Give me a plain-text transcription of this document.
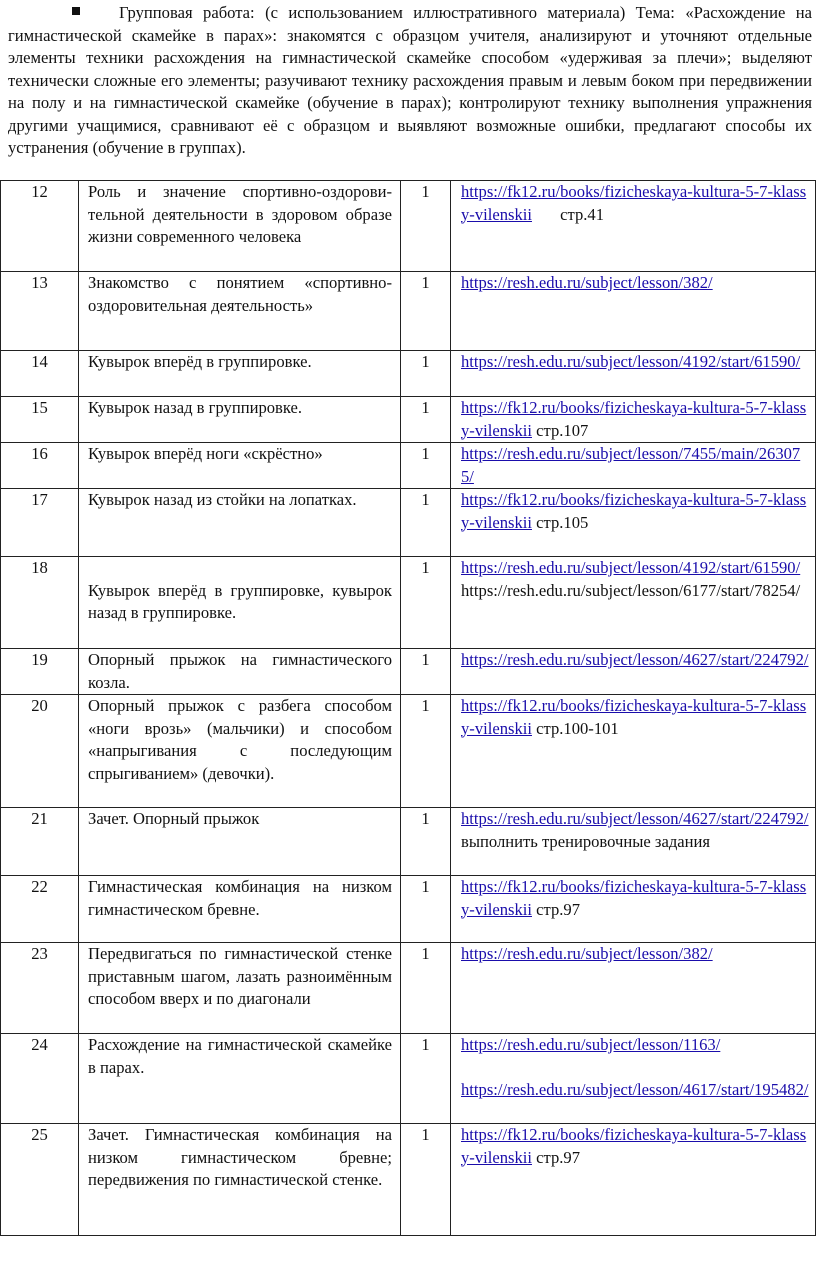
Групповая работа: (с использованием иллюстративного материала) Тема: «Расхождение на гимнастической скамейке в парах»: знакомятся с образцом учителя, анализируют и уточняют отдельные элементы техники расхождения на гимнастической скамейке способом «удерживая за плечи»; выделяют технически сложные его элементы; разучивают технику расхождения правым и левым боком при передвижении на полу и на гимнастической скамейке (обучение в парах); контролируют технику выполнения упражнения другими учащимися, сравнивают её с образцом и выявляют возможные ошибки, предлагают способы их устранения (обучение в группах).
12	Роль и значение спортивно-оздорови- тельной деятельности в здоровом образе жизни современного человека	1	https://fk12.ru/books/fizicheskaya-kultura-5-7-klassy-vilenskii стр.41
13	Знакомство с понятием «спортивно-оздоровительная деятельность»	1	https://resh.edu.ru/subject/lesson/382/
14	Кувырок вперёд в группировке.	1	https://resh.edu.ru/subject/lesson/4192/start/61590/
15	Кувырок назад в группировке.	1	https://fk12.ru/books/fizicheskaya-kultura-5-7-klassy-vilenskii стр.107
16	Кувырок вперёд ноги «скрёстно»	1	https://resh.edu.ru/subject/lesson/7455/main/263075/
17	Кувырок назад из стойки на лопатках.	1	https://fk12.ru/books/fizicheskaya-kultura-5-7-klassy-vilenskii стр.105
18	Кувырок вперёд в группировке, кувырок назад в группировке.	1	https://resh.edu.ru/subject/lesson/4192/start/61590/
https://resh.edu.ru/subject/lesson/6177/start/78254/

19	Опорный прыжок на гимнастического козла.	1	https://resh.edu.ru/subject/lesson/4627/start/224792/
20	Опорный прыжок с разбега способом «ноги врозь» (мальчики) и способом «напрыгивания с последующим спрыгиванием» (девочки).	1	https://fk12.ru/books/fizicheskaya-kultura-5-7-klassy-vilenskii стр.100-101
21	Зачет. Опорный прыжок	1	https://resh.edu.ru/subject/lesson/4627/start/224792/ выполнить тренировочные задания
22	Гимнастическая комбинация на низком гимнастическом бревне.	1	https://fk12.ru/books/fizicheskaya-kultura-5-7-klassy-vilenskii стр.97
23	Передвигаться по гимнастической стенке приставным шагом, лазать разноимённым способом вверх и по диагонали	1	https://resh.edu.ru/subject/lesson/382/
24	Расхождение на гимнастической скамейке в парах.	1	https://resh.edu.ru/subject/lesson/1163/
https://resh.edu.ru/subject/lesson/4617/start/195482/
25	Зачет. Гимнастическая комбинация на низком гимнастическом бревне; передвижения по гимнастической стенке.	1	https://fk12.ru/books/fizicheskaya-kultura-5-7-klassy-vilenskii стр.97
